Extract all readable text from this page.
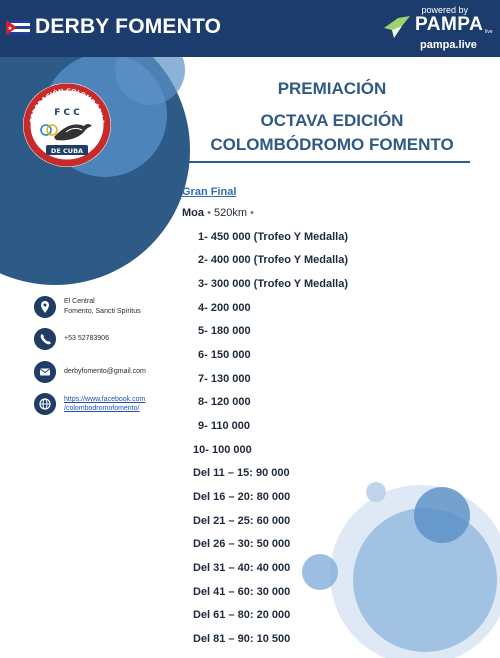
DERBY FOMENTO
powered by
PAMPA live
pampa.live
FEDERACIÓN COLOMBÓFILA
F C C
DE CUBA
PREMIACIÓN
OCTAVA EDICIÓN
COLOMBÓDROMO FOMENTO
Gran Final
Moa • 520km •
1- 450 000 (Trofeo Y Medalla)
2- 400 000 (Trofeo Y Medalla)
3- 300 000 (Trofeo Y Medalla)
4- 200 000
5- 180 000
6- 150 000
7- 130 000
8- 120 000
9- 110 000
10- 100 000
Del 11 – 15: 90 000
Del 16 – 20: 80 000
Del 21 – 25: 60 000
Del 26 – 30: 50 000
Del 31 – 40: 40 000
Del 41 – 60: 30 000
Del 61 – 80: 20 000
Del 81 – 90: 10 500
El Central
Fomento, Sancti Spíritus
+53 52783906
derbyfomento@gmail.com
https://www.facebook.com
/colombodromofomento/
